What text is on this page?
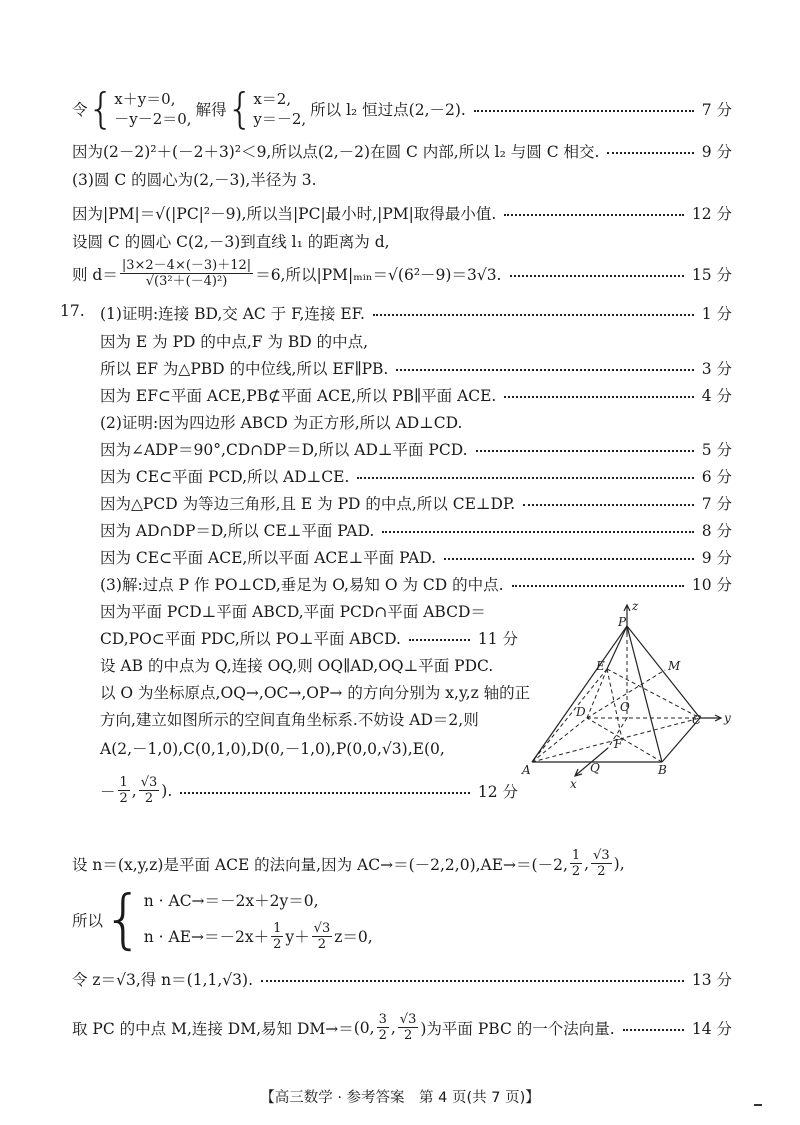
令 { x＋y＝0,
－y－2＝0, 解得 { x＝2,
y＝－2, 所以 l₂ 恒过点(2,－2).	7 分
因为(2－2)²＋(－2＋3)²＜9,所以点(2,－2)在圆 C 内部,所以 l₂ 与圆 C 相交.	9 分
(3)圆 C 的圆心为(2,－3),半径为 3.
因为|PM|＝√(|PC|²－9),所以当|PC|最小时,|PM|取得最小值.	12 分
设圆 C 的圆心 C(2,－3)到直线 l₁ 的距离为 d,
则 $d= \frac{|3\times 2-4\times(-3)+12|}{\text{√(3²＋(－4)²)}} =6$,所以|PM|ₘᵢₙ＝√(6²－9)＝3√3.	15 分
17. (1)证明:连接 BD,交 AC 于 F,连接 EF.	1 分
因为 E 为 PD 的中点,F 为 BD 的中点,
所以 EF 为△PBD 的中位线,所以 EF∥PB.	3 分
因为 EF⊂平面 ACE,PB⊄平面 ACE,所以 PB∥平面 ACE.	4 分
(2)证明:因为四边形 ABCD 为正方形,所以 AD⊥CD.
因为∠ADP＝90°,CD∩DP＝D,所以 AD⊥平面 PCD.	5 分
因为 CE⊂平面 PCD,所以 AD⊥CE.	6 分
因为△PCD 为等边三角形,且 E 为 PD 的中点,所以 CE⊥DP.	7 分
因为 AD∩DP＝D,所以 CE⊥平面 PAD.	8 分
因为 CE⊂平面 ACE,所以平面 ACE⊥平面 PAD.	9 分
(3)解:过点 P 作 PO⊥CD,垂足为 O,易知 O 为 CD 的中点.	10 分
因为平面 PCD⊥平面 ABCD,平面 PCD∩平面 ABCD＝
CD,PO⊂平面 PDC,所以 PO⊥平面 ABCD.	11 分
设 AB 的中点为 Q,连接 OQ,则 OQ∥AD,OQ⊥平面 PDC.
以 O 为坐标原点,OQ→,OC→,OP→ 的方向分别为 x,y,z 轴的正
方向,建立如图所示的空间直角坐标系.不妨设 AD＝2,则
A(2,－1,0),C(0,1,0),D(0,－1,0),P(0,0,√3),E(0,
－ $\frac{1}{2}$ , $\frac{√3}{2}$ ).	12 分
z
P
E	M
D	O
C y
F
A	Q	B
x
设 n＝(x,y,z)是平面 ACE 的法向量,因为 AC→＝(－2,2,0),AE→＝ (－2, $\frac{1}{2}$ , $\frac{√3}{2}$ ),
所以 { n · AC→＝－2x＋2y＝0,
$n \cdot AE\to=-2x+ \frac{1}{2} y+ \frac{√3}{2} z=0$,
令 z＝√3,得 n＝(1,1,√3).	13 分
取 PC 的中点 M,连接 DM,易知 DM→＝ (0, $\frac{3}{2}$ , $\frac{√3}{2}$ )为平面 PBC 的一个法向量.	14 分
【高三数学 · 参考答案　第 4 页(共 7 页)】
